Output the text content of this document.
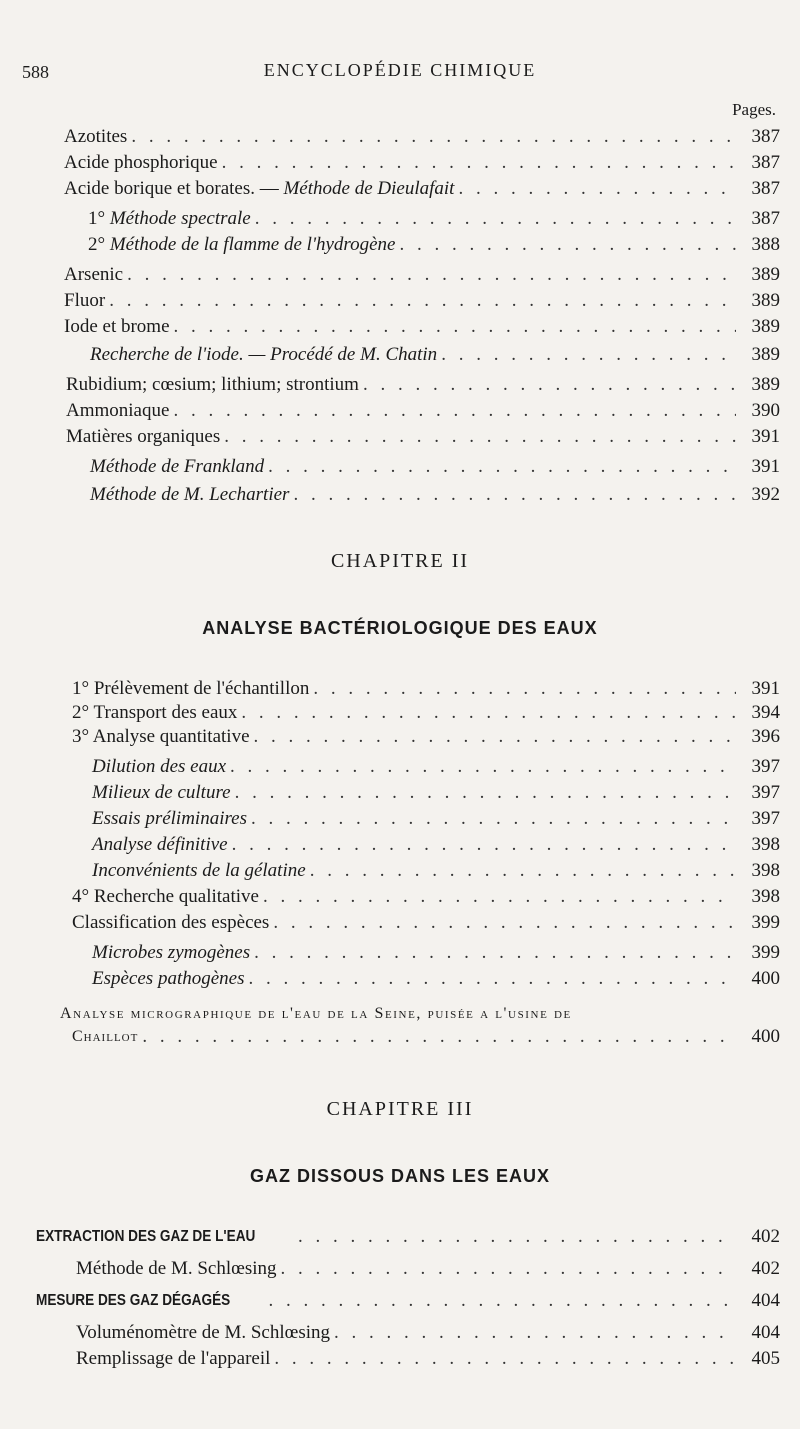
588	ENCYCLOPÉDIE CHIMIQUE
Pages.
Azotites . . .	387
Acide phosphorique . . .	387
Acide borique et borates. — Méthode de Dieulafait . . .	387
1° Méthode spectrale . . .	387
2° Méthode de la flamme de l'hydrogène . . .	388
Arsenic . . .	389
Fluor . . .	389
Iode et brome . . .	389
Recherche de l'iode. — Procédé de M. Chatin . . .	389
Rubidium; cœsium; lithium; strontium . . .	389
Ammoniaque . . .	390
Matières organiques . . .	391
Méthode de Frankland . . .	391
Méthode de M. Lechartier . . .	392
CHAPITRE II
ANALYSE BACTÉRIOLOGIQUE DES EAUX
1° Prélèvement de l'échantillon . . .	391
2° Transport des eaux . . .	394
3° Analyse quantitative . . .	396
Dilution des eaux . . .	397
Milieux de culture . . .	397
Essais préliminaires . . .	397
Analyse définitive . . .	398
Inconvénients de la gélatine . . .	398
4° Recherche qualitative . . .	398
Classification des espèces . . .	399
Microbes zymogènes . . .	399
Espèces pathogènes . . .	400
Analyse micrographique de l'eau de la Seine, puisée a l'usine de
Chaillot . . .	400
CHAPITRE III
GAZ DISSOUS DANS LES EAUX
EXTRACTION DES GAZ DE L'EAU . . .	402
Méthode de M. Schlœsing . . .	402
MESURE DES GAZ DÉGAGÉS . . .	404
Voluménomètre de M. Schlœsing . . .	404
Remplissage de l'appareil . . .	405
